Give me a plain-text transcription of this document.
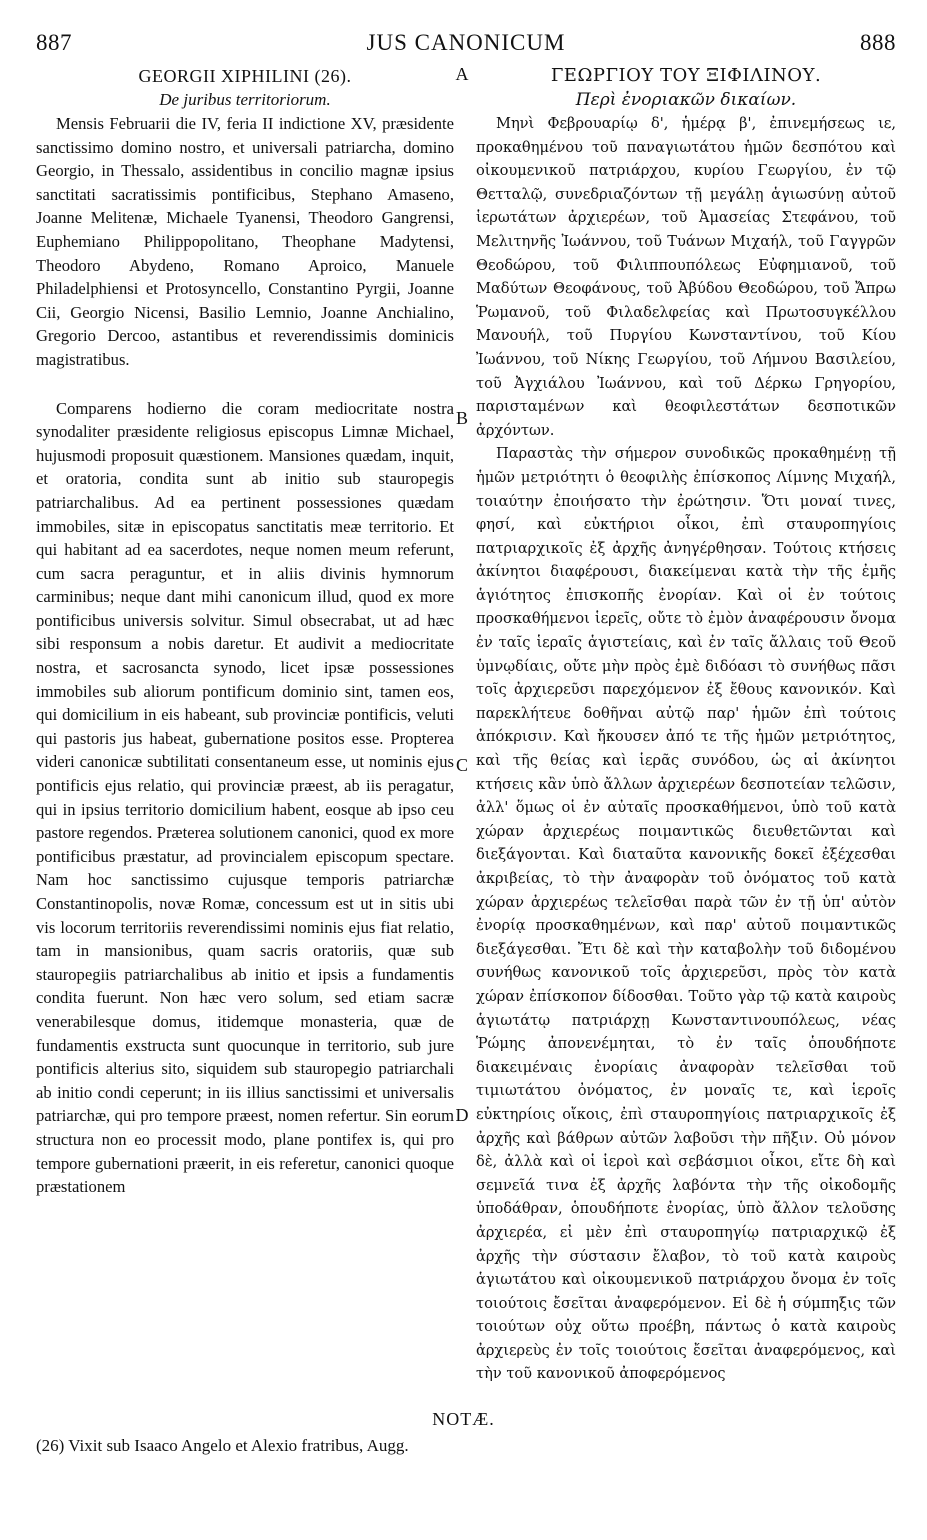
887	JUS CANONICUM	888
GEORGII XIPHILINI (26).
De juribus territoriorum.

Mensis Februarii die IV, feria II indictione XV, præsidente sanctissimo domino nostro, et universali patriarcha, domino Georgio, in Thessalo, assidentibus in concilio magnæ ipsius sanctitati sacratissimis pontificibus, Stephano Amaseno, Joanne Melitenæ, Michaele Tyanensi, Theodoro Gangrensi, Euphemiano Philippopolitano, Theophane Madytensi, Theodoro Abydeno, Romano Aproico, Manuele Philadelphiensi et Protosyncello, Constantino Pyrgii, Joanne Cii, Georgio Nicensi, Basilio Lemnio, Joanne Anchialino, Gregorio Dercoo, astantibus et reverendissimis dominicis magistratibus.

Comparens hodierno die coram mediocritate nostra synodaliter præsidente religiosus episcopus Limnæ Michael, hujusmodi proposuit quæstionem. Mansiones quædam, inquit, et oratoria, condita sunt ab initio sub stauropegis patriarchalibus. Ad ea pertinent possessiones quædam immobiles, sitæ in episcopatus sanctitatis meæ territorio. Et qui habitant ad ea sacerdotes, neque nomen meum referunt, cum sacra peraguntur, et in aliis divinis hymnorum carminibus; neque dant mihi canonicum illud, quod ex more pontificibus universis solvitur. Simul obsecrabat, ut ad hæc sibi responsum a nobis daretur. Et audivit a mediocritate nostra, et sacrosancta synodo, licet ipsæ possessiones immobiles sub aliorum pontificum dominio sint, tamen eos, qui domicilium in eis habeant, sub provinciæ pontificis, veluti qui pastoris jus habeat, gubernatione positos esse. Propterea videri canonicæ subtilitati consentaneum esse, ut nominis ejus pontificis ejus relatio, qui provinciæ præest, ab iis peragatur, qui in ipsius territorio domicilium habent, eosque ab ipso ceu pastore regendos. Præterea solutionem canonici, quod ex more pontificibus præstatur, ad provincialem episcopum spectare. Nam hoc sanctissimo cujusque temporis patriarchæ Constantinopolis, novæ Romæ, concessum est ut in sitis ubi vis locorum territoriis reverendissimi nominis ejus fiat relatio, tam in mansionibus, quam sacris oratoriis, quæ sub stauropegiis patriarchalibus ab initio et ipsis a fundamentis condita fuerunt. Non hæc vero solum, sed etiam sacræ venerabilesque domus, itidemque monasteria, quæ de fundamentis exstructa sunt quocunque in territorio, sub jure pontificis alterius sito, siquidem sub stauropegio patriarchali ab initio condi ceperunt; in iis illius sanctissimi et universalis patriarchæ, qui pro tempore præest, nomen refertur. Sin eorum structura non eo processit modo, plane pontifex is, qui pro tempore gubernationi præerit, in eis referetur, canonici quoque præstationem

ΓΕΩΡΓΙΟΥ ΤΟΥ ΞΙΦΙΛΙΝΟΥ.
Περὶ ἐνοριακῶν δικαίων.

Μηνὶ Φεβρουαρίῳ δ', ἡμέρᾳ β', ἐπινεμήσεως ιε, προκαθημένου τοῦ παναγιωτάτου ἡμῶν δεσπότου καὶ οἰκουμενικοῦ πατριάρχου, κυρίου Γεωργίου, ἐν τῷ Θετταλῷ, συνεδριαζόντων τῇ μεγάλῃ ἁγιωσύνῃ αὐτοῦ ἱερωτάτων ἀρχιερέων, τοῦ Ἀμασείας Στεφάνου, τοῦ Μελιτηνῆς Ἰωάννου, τοῦ Τυάνων Μιχαήλ, τοῦ Γαγγρῶν Θεοδώρου, τοῦ Φιλιππουπόλεως Εὐφημιανοῦ, τοῦ Μαδύτων Θεοφάνους, τοῦ Ἀβύδου Θεοδώρου, τοῦ Ἄπρω Ῥωμανοῦ, τοῦ Φιλαδελφείας καὶ Πρωτοσυγκέλλου Μανουήλ, τοῦ Πυργίου Κωνσταντίνου, τοῦ Κίου Ἰωάννου, τοῦ Νίκης Γεωργίου, τοῦ Λήμνου Βασιλείου, τοῦ Ἀγχιάλου Ἰωάννου, καὶ τοῦ Δέρκω Γρηγορίου, παρισταμένων καὶ θεοφιλεστάτων δεσποτικῶν ἀρχόντων.

Παραστὰς τὴν σήμερον συνοδικῶς προκαθημένῃ τῇ ἡμῶν μετριότητι ὁ θεοφιλὴς ἐπίσκοπος Λίμνης Μιχαήλ, τοιαύτην ἐποιήσατο τὴν ἐρώτησιν. Ὅτι μοναί τινες, φησί, καὶ εὐκτήριοι οἶκοι, ἐπὶ σταυροπηγίοις πατριαρχικοῖς ἐξ ἀρχῆς ἀνηγέρθησαν. Τούτοις κτήσεις ἀκίνητοι διαφέρουσι, διακείμεναι κατὰ τὴν τῆς ἐμῆς ἁγιότητος ἐπισκοπῆς ἐνορίαν. Καὶ οἱ ἐν τούτοις προσκαθήμενοι ἱερεῖς, οὔτε τὸ ἐμὸν ἀναφέρουσιν ὄνομα ἐν ταῖς ἱεραῖς ἁγιστείαις, καὶ ἐν ταῖς ἄλλαις τοῦ Θεοῦ ὑμνῳδίαις, οὔτε μὴν πρὸς ἐμὲ διδόασι τὸ συνήθως πᾶσι τοῖς ἀρχιερεῦσι παρεχόμενον ἐξ ἔθους κανονικόν. Καὶ παρεκλήτευε δοθῆναι αὐτῷ παρ' ἡμῶν ἐπὶ τούτοις ἀπόκρισιν. Καὶ ἤκουσεν ἀπό τε τῆς ἡμῶν μετριότητος, καὶ τῆς θείας καὶ ἱερᾶς συνόδου, ὡς αἱ ἀκίνητοι κτήσεις κἂν ὑπὸ ἄλλων ἀρχιερέων δεσποτείαν τελῶσιν, ἀλλ' ὅμως οἱ ἐν αὐταῖς προσκαθήμενοι, ὑπὸ τοῦ κατὰ χώραν ἀρχιερέως ποιμαντικῶς διευθετῶνται καὶ διεξάγονται. Καὶ διαταῦτα κανονικῆς δοκεῖ ἐξέχεσθαι ἀκριβείας, τὸ τὴν ἀναφορὰν τοῦ ὀνόματος τοῦ κατὰ χώραν ἀρχιερέως τελεῖσθαι παρὰ τῶν ἐν τῇ ὑπ' αὐτὸν ἐνορίᾳ προσκαθημένων, καὶ παρ' αὐτοῦ ποιμαντικῶς διεξάγεσθαι. Ἔτι δὲ καὶ τὴν καταβολὴν τοῦ διδομένου συνήθως κανονικοῦ τοῖς ἀρχιερεῦσι, πρὸς τὸν κατὰ χώραν ἐπίσκοπον δίδοσθαι. Τοῦτο γὰρ τῷ κατὰ καιροὺς ἁγιωτάτῳ πατριάρχῃ Κωνσταντινουπόλεως, νέας Ῥώμης ἀπονενέμηται, τὸ ἐν ταῖς ὁπουδήποτε διακειμέναις ἐνορίαις ἀναφορὰν τελεῖσθαι τοῦ τιμιωτάτου ὀνόματος, ἐν μοναῖς τε, καὶ ἱεροῖς εὐκτηρίοις οἴκοις, ἐπὶ σταυροπηγίοις πατριαρχικοῖς ἐξ ἀρχῆς καὶ βάθρων αὐτῶν λαβοῦσι τὴν πῆξιν. Οὐ μόνον δὲ, ἀλλὰ καὶ οἱ ἱεροὶ καὶ σεβάσμιοι οἶκοι, εἴτε δὴ καὶ σεμνεῖά τινα ἐξ ἀρχῆς λαβόντα τὴν τῆς οἰκοδομῆς ὑποδάθραν, ὁπουδήποτε ἐνορίας, ὑπὸ ἄλλον τελοῦσης ἀρχιερέα, εἰ μὲν ἐπὶ σταυροπηγίῳ πατριαρχικῷ ἐξ ἀρχῆς τὴν σύστασιν ἔλαβον, τὸ τοῦ κατὰ καιροὺς ἁγιωτάτου καὶ οἰκουμενικοῦ πατριάρχου ὄνομα ἐν τοῖς τοιούτοις ἔσεῖται ἀναφερόμενον. Εἰ δὲ ἡ σύμπηξις τῶν τοιούτων οὐχ οὕτω προέβη, πάντως ὁ κατὰ καιροὺς ἀρχιερεὺς ἐν τοῖς τοιούτοις ἔσεῖται ἀναφερόμενος, καὶ τὴν τοῦ κανονικοῦ ἀποφερόμενος

A
B
C
D
NOTÆ.
(26) Vixit sub Isaaco Angelo et Alexio fratribus, Augg.
